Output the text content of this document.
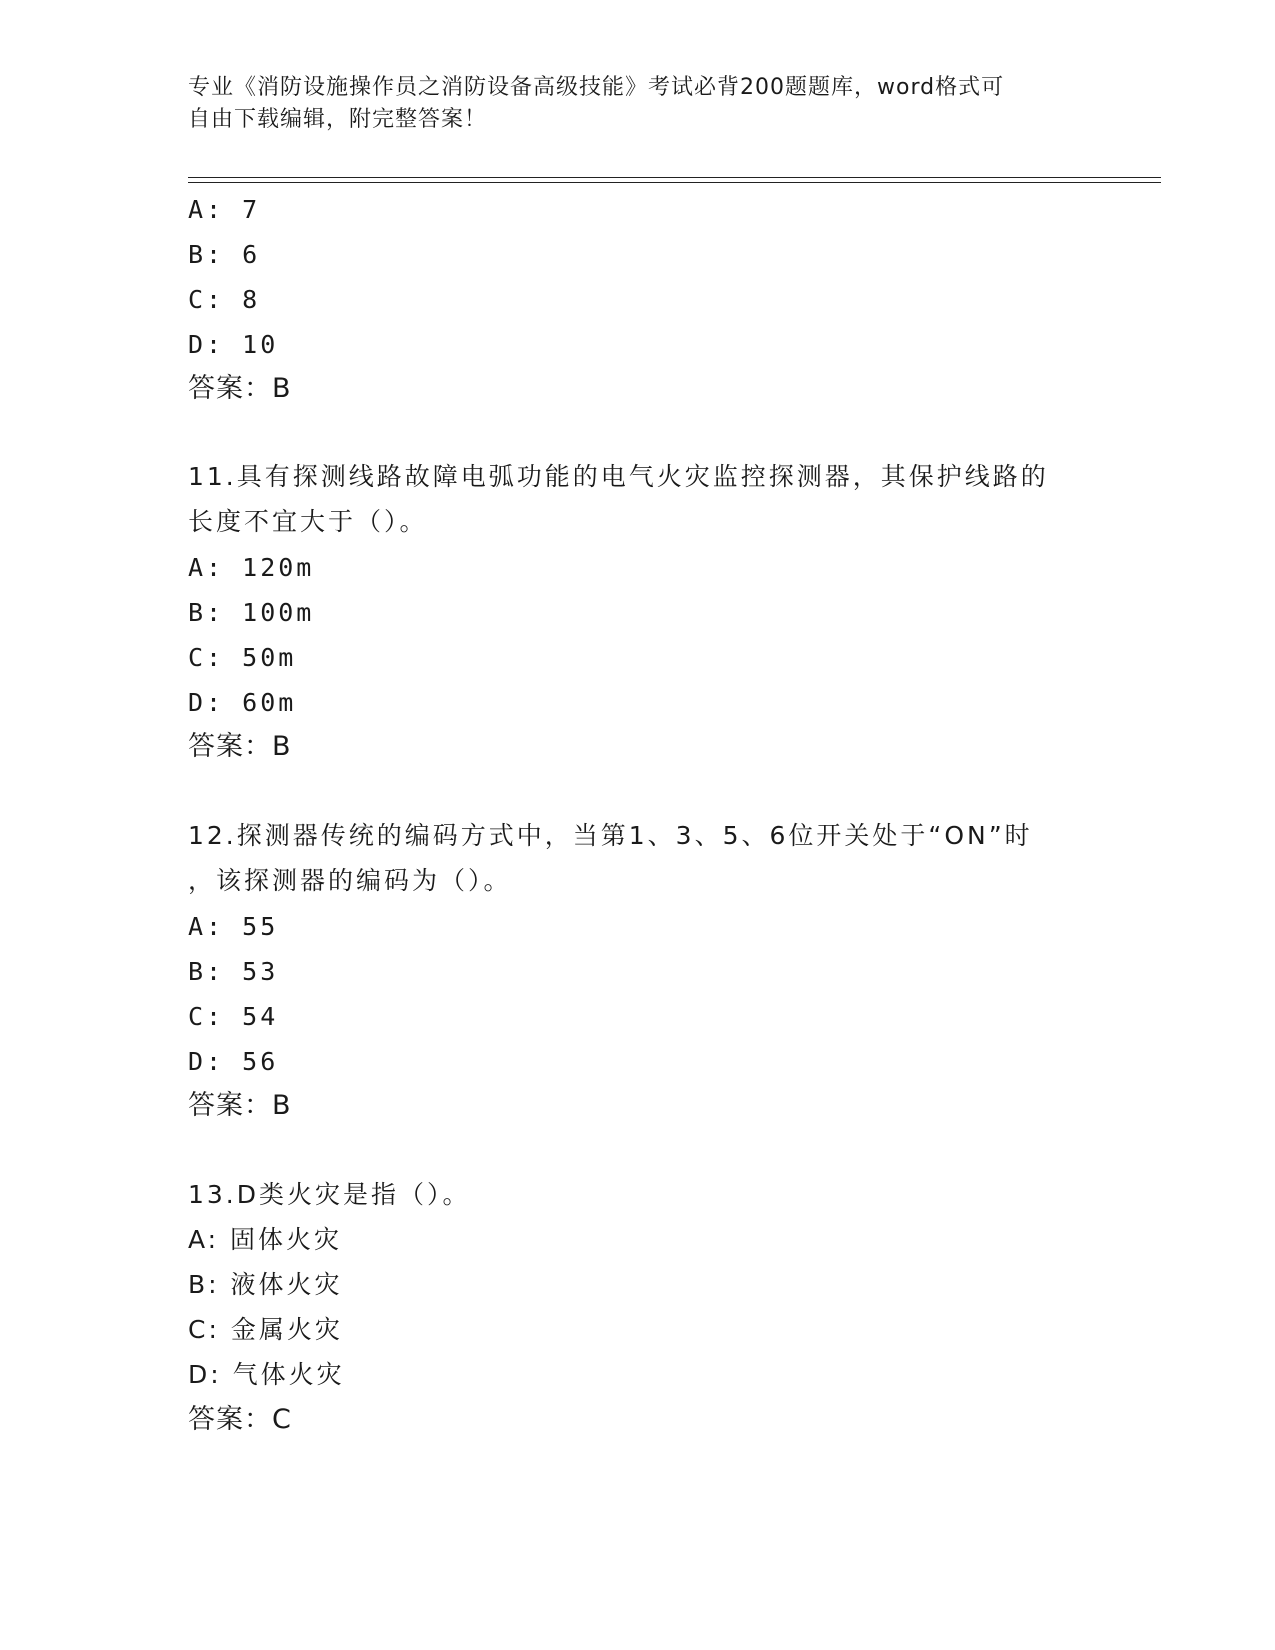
专业《消防设施操作员之消防设备高级技能》考试必背200题题库，word格式可
自由下载编辑，附完整答案！
A: 7
B: 6
C: 8
D: 10
答案：B
11.具有探测线路故障电弧功能的电气火灾监控探测器，其保护线路的
长度不宜大于（）。
A: 120m
B: 100m
C: 50m
D: 60m
答案：B
12.探测器传统的编码方式中，当第1、3、5、6位开关处于“ON”时
，该探测器的编码为（）。
A: 55
B: 53
C: 54
D: 56
答案：B
13.D类火灾是指（）。
A: 固体火灾
B: 液体火灾
C: 金属火灾
D: 气体火灾
答案：C
